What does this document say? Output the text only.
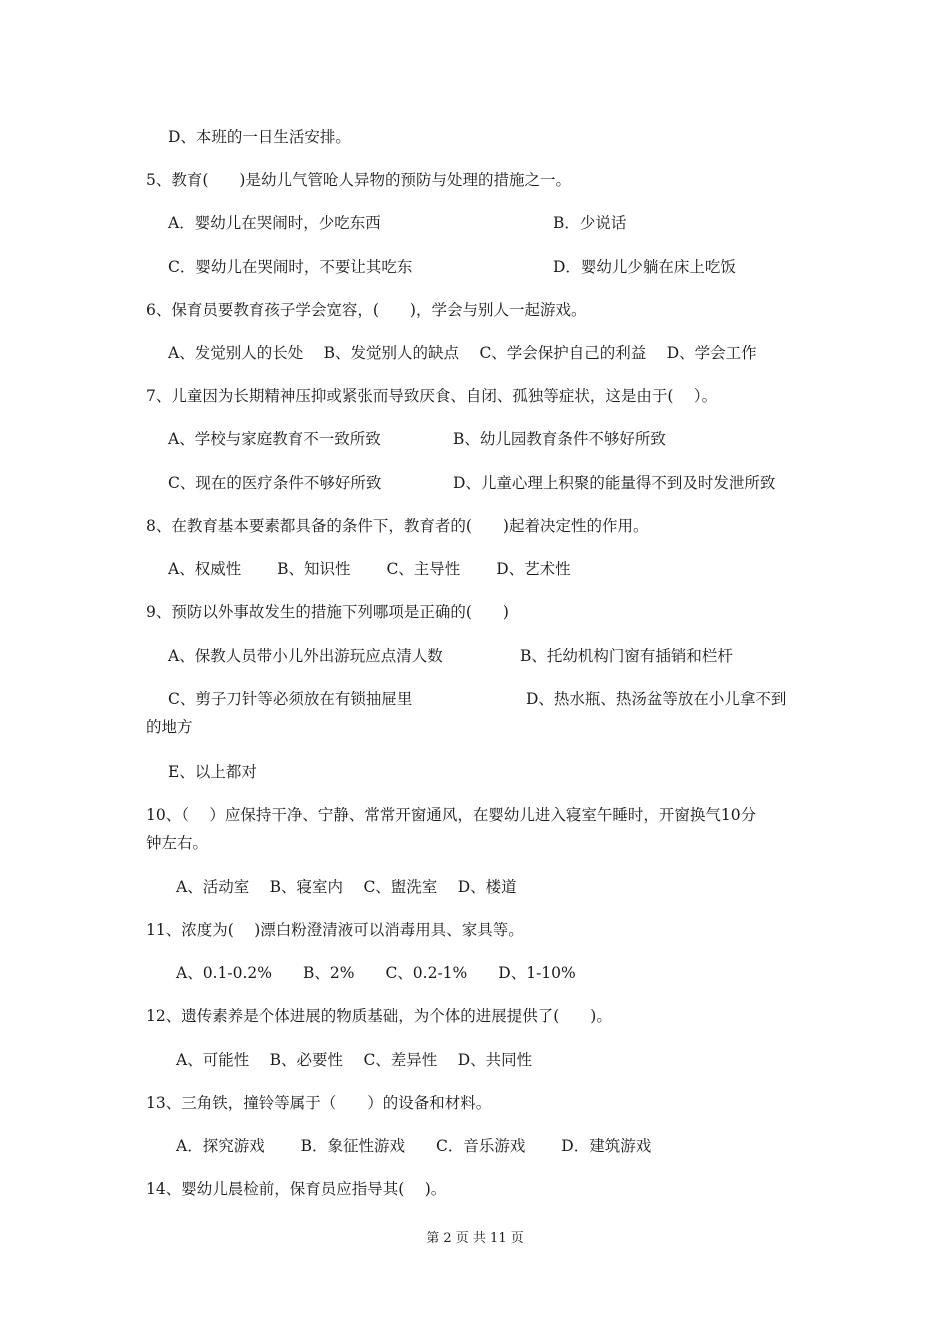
D、本班的一日生活安排。
5、教育(　　)是幼儿气管呛人异物的预防与处理的措施之一。
A．婴幼儿在哭闹时，少吃东西	B．少说话
C．婴幼儿在哭闹时，不要让其吃东	D．婴幼儿少躺在床上吃饭
6、保育员要教育孩子学会宽容，(　　)，学会与别人一起游戏。
A、发觉别人的长处　 B、发觉别人的缺点　 C、学会保护自己的利益　 D、学会工作
7、儿童因为长期精神压抑或紧张而导致厌食、自闭、孤独等症状，这是由于(　 ）。
A、学校与家庭教育不一致所致	B、幼儿园教育条件不够好所致
C、现在的医疗条件不够好所致	D、儿童心理上积聚的能量得不到及时发泄所致
8、在教育基本要素都具备的条件下，教育者的(　　)起着决定性的作用。
A、权威性　　 B、知识性　　 C、主导性　　 D、艺术性
9、预防以外事故发生的措施下列哪项是正确的(　　)
A、保教人员带小儿外出游玩应点清人数	B、托幼机构门窗有插销和栏杆
C、剪子刀针等必须放在有锁抽屉里	D、热水瓶、热汤盆等放在小儿拿不到
的地方
E、以上都对
10、（　 ）应保持干净、宁静、常常开窗通风，在婴幼儿进入寝室午睡时，开窗换气10分
钟左右。
A、活动室　 B、寝室内　 C、盥洗室　 D、楼道
11、浓度为(　 )漂白粉澄清液可以消毒用具、家具等。
A、0.1-0.2%　　B、2%　　C、0.2-1%　　D、1-10%
12、遗传素养是个体进展的物质基础，为个体的进展提供了(　　)。
A、可能性　 B、必要性　 C、差异性　 D、共同性
13、三角铁，撞铃等属于（　　）的设备和材料。
A．探究游戏　　 B．象征性游戏　　C．音乐游戏　　 D．建筑游戏
14、婴幼儿晨检前，保育员应指导其(　 )。
第 2 页 共 11 页
